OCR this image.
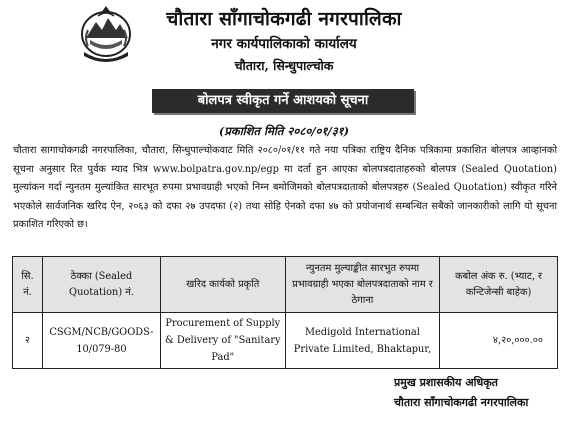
चौतारा साँगाचोकगढी नगरपालिका
नगर कार्यपालिकाको कार्यालय
चौतारा, सिन्धुपाल्चोक
बोलपत्र स्वीकृत गर्ने आशयको सूचना
(प्रकाशित मिति २०८०/०१/३१)
चौतारा सागाचोकगढी नगरपालिका, चौतारा, सिन्धुपाल्चोकवाट मिति २०८०/०१/११ गते नया पत्रिका राष्ट्रिय दैनिक पत्रिकामा प्रकाशित बोलपत्र आव्हानको सूचना अनुसार रित पुर्वक म्याद भित्र www.bolpatra.gov.np/egp मा दर्ता हुन आएका बोलपत्रदाताहरुको बोलपत्र (Sealed Quotation) मुल्यांकन गर्दा न्युनतम मुल्यांकित सारभूत रुपमा प्रभावग्राही भएको निम्न बमोजिमको बोलपत्रदाताको बोलपत्रहरु (Sealed Quotation) स्वीकृत गरिने भएकोले सार्वजनिक खरिद ऐन, २०६३ को दफा २७ उपदफा (२) तथा सोहि ऐनको दफा ४७ को प्रयोजनार्थ सम्बन्धित सबैको जानकारीको लागि यो सूचना प्रकाशित गरिएको छ।
सि. नं.	ठेक्का (Sealed Quotation) नं.	खरिद कार्यको प्रकृति	न्युनतम मुल्याङ्कीत सारभुत रुपमा प्रभावग्राही भएका बोलपत्रदाताको नाम र ठेगाना	कबोल अंक रु. (भ्याट, र कन्टिजेन्सी बाहेक)
२	CSGM/NCB/GOODS-10/079-80	Procurement of Supply & Delivery of "Sanitary Pad"	Medigold International Private Limited, Bhaktapur,	४,२०,०००.००
प्रमुख प्रशासकीय अधिकृत
चौतारा साँगाचोकगढी नगरपालिका
